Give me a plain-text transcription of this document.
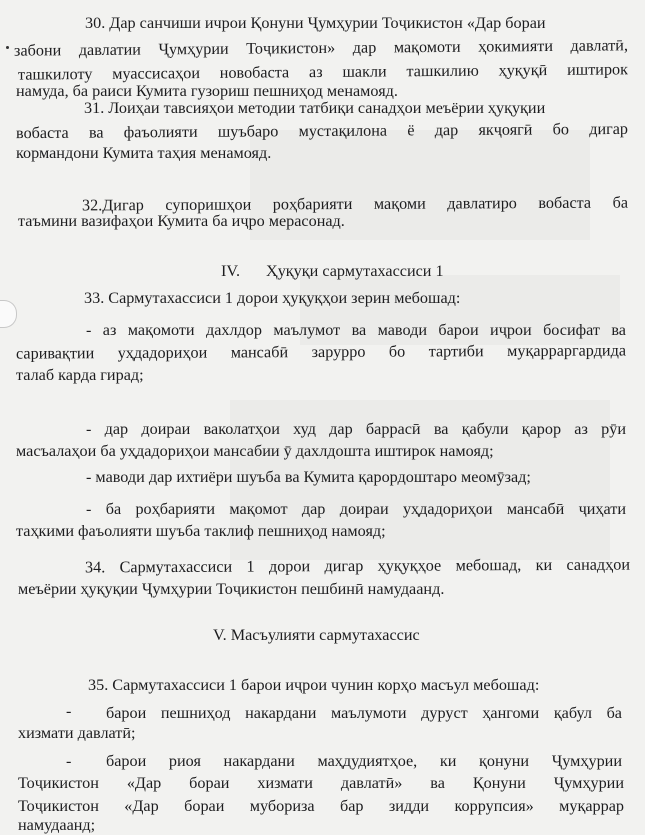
30. Дар санчиши ичрои Қонуни Ҷумҳурии Тоҷикистон «Дар бораи
забони давлатии Ҷумҳурии Тоҷикистон» дар мақомоти ҳокимияти давлатӣ,
ташкилоту муассисаҳои новобаста аз шакли ташкилию ҳуқуқӣ иштирок
намуда, ба раиси Кумита гузориш пешниҳод менамояд.
31. Лоиҳаи тавсияҳои методии татбиқи санадҳои меъёрии ҳуқуқии
вобаста ва фаъолияти шуъбаро мустақилона ё дар якҷоягӣ бо дигар
кормандони Кумита таҳия менамояд.
32.Дигар супоришҳои роҳбарияти мақоми давлатиро вобаста ба
таъмини вазифаҳои Кумита ба иҷро мерасонад.
IV. Ҳуқуқи сармутахассиси 1
33. Сармутахассиси 1 дорои ҳуқуқҳои зерин мебошад:
- аз мақомоти дахлдор маълумот ва маводи барои иҷрои босифат ва
саривақтии уҳдадориҳои мансабӣ зарурро бо тартиби муқарраргардида
талаб карда гирад;
- дар доираи ваколатҳои худ дар баррасӣ ва қабули қарор аз рӯи
масъалаҳои ба уҳдадориҳои мансабии ӯ дахлдошта иштирок намояд;
- маводи дар ихтиёри шуъба ва Кумита қарордоштаро меомӯзад;
- ба роҳбарияти мақомот дар доираи уҳдадориҳои мансабӣ ҷиҳати
таҳкими фаъолияти шуъба таклиф пешниҳод намояд;
34. Сармутахассиси 1 дорои дигар ҳуқуқҳое мебошад, ки санадҳои
меъёрии ҳуқуқии Ҷумҳурии Тоҷикистон пешбинӣ намудаанд.
V. Масъулияти сармутахассис
35. Сармутахассиси 1 барои иҷрои чунин корҳо масъул мебошад:
- барои пешниҳод накардани маълумоти дуруст ҳангоми қабул ба
хизмати давлатӣ;
- барои риоя накардани маҳдудиятҳое, ки қонуни Ҷумҳурии
Тоҷикистон «Дар бораи хизмати давлатӣ» ва Қонуни Ҷумҳурии
Тоҷикистон «Дар бораи мубориза бар зидди коррупсия» муқаррар
намудаанд;
